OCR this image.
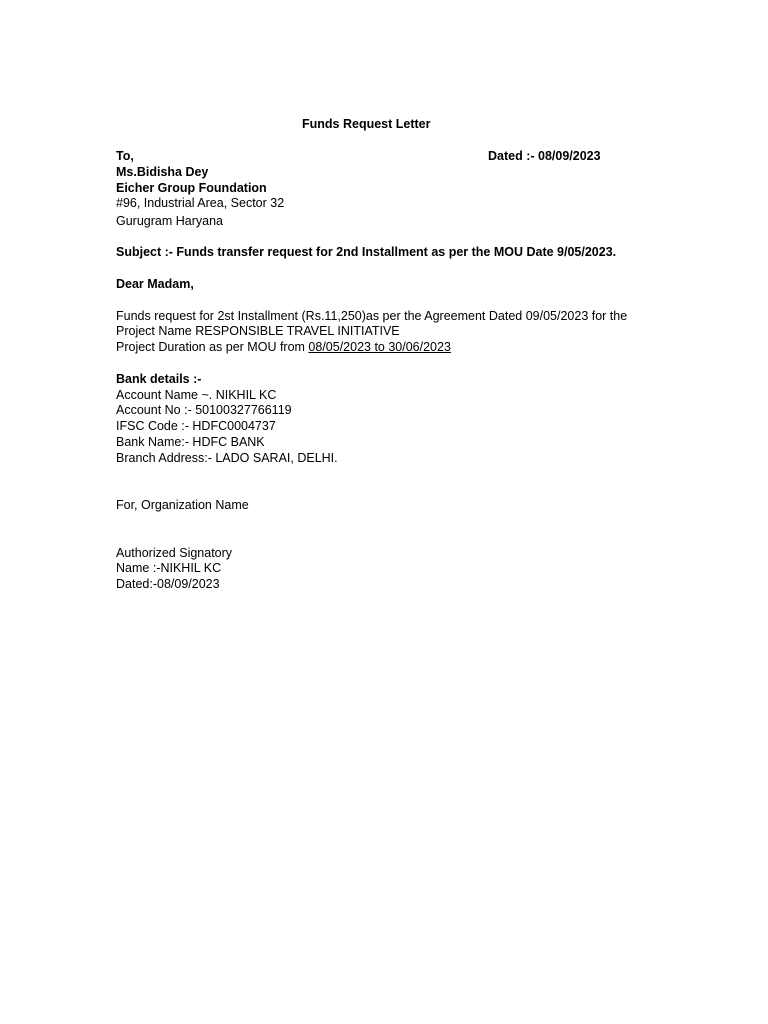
Funds Request Letter
To,	Dated :- 08/09/2023
Ms.Bidisha Dey
Eicher Group Foundation
#96, Industrial Area, Sector 32
Gurugram Haryana
Subject :- Funds transfer request for 2nd Installment as per the MOU Date 9/05/2023.
Dear Madam,
Funds request for 2st Installment (Rs.11,250)as per the Agreement Dated 09/05/2023 for the
Project Name RESPONSIBLE TRAVEL INITIATIVE
Project Duration as per MOU from 08/05/2023 to 30/06/2023
Bank details :-
Account Name ~. NIKHIL KC
Account No :- 50100327766119
IFSC Code :- HDFC0004737
Bank Name:- HDFC BANK
Branch Address:- LADO SARAI, DELHI.
For, Organization Name
Authorized Signatory
Name :-NIKHIL KC
Dated:-08/09/2023
